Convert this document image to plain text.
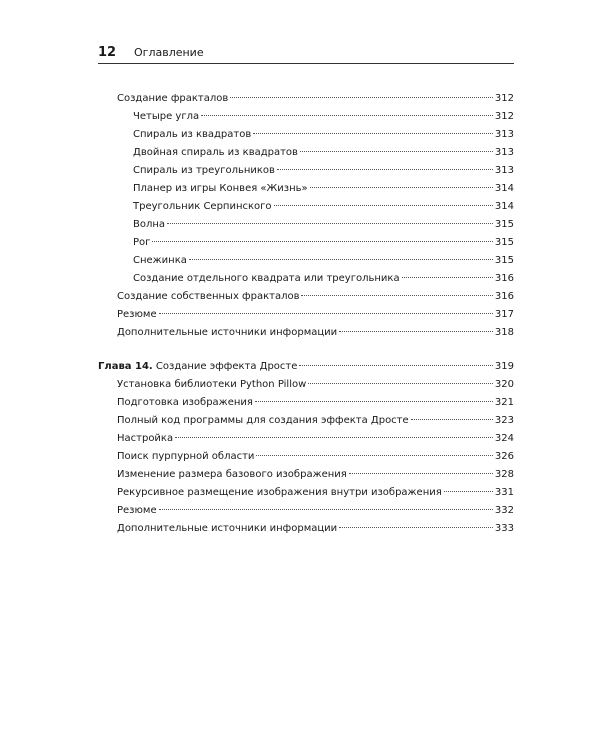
12 Оглавление
Создание фракталов	312
Четыре угла	312
Спираль из квадратов	313
Двойная спираль из квадратов	313
Спираль из треугольников	313
Планер из игры Конвея «Жизнь»	314
Треугольник Серпинского	314
Волна	315
Рог	315
Снежинка	315
Создание отдельного квадрата или треугольника	316
Создание собственных фракталов	316
Резюме	317
Дополнительные источники информации	318
Глава 14. Создание эффекта Дросте	319
Установка библиотеки Python Pillow	320
Подготовка изображения	321
Полный код программы для создания эффекта Дросте	323
Настройка	324
Поиск пурпурной области	326
Изменение размера базового изображения	328
Рекурсивное размещение изображения внутри изображения	331
Резюме	332
Дополнительные источники информации	333
